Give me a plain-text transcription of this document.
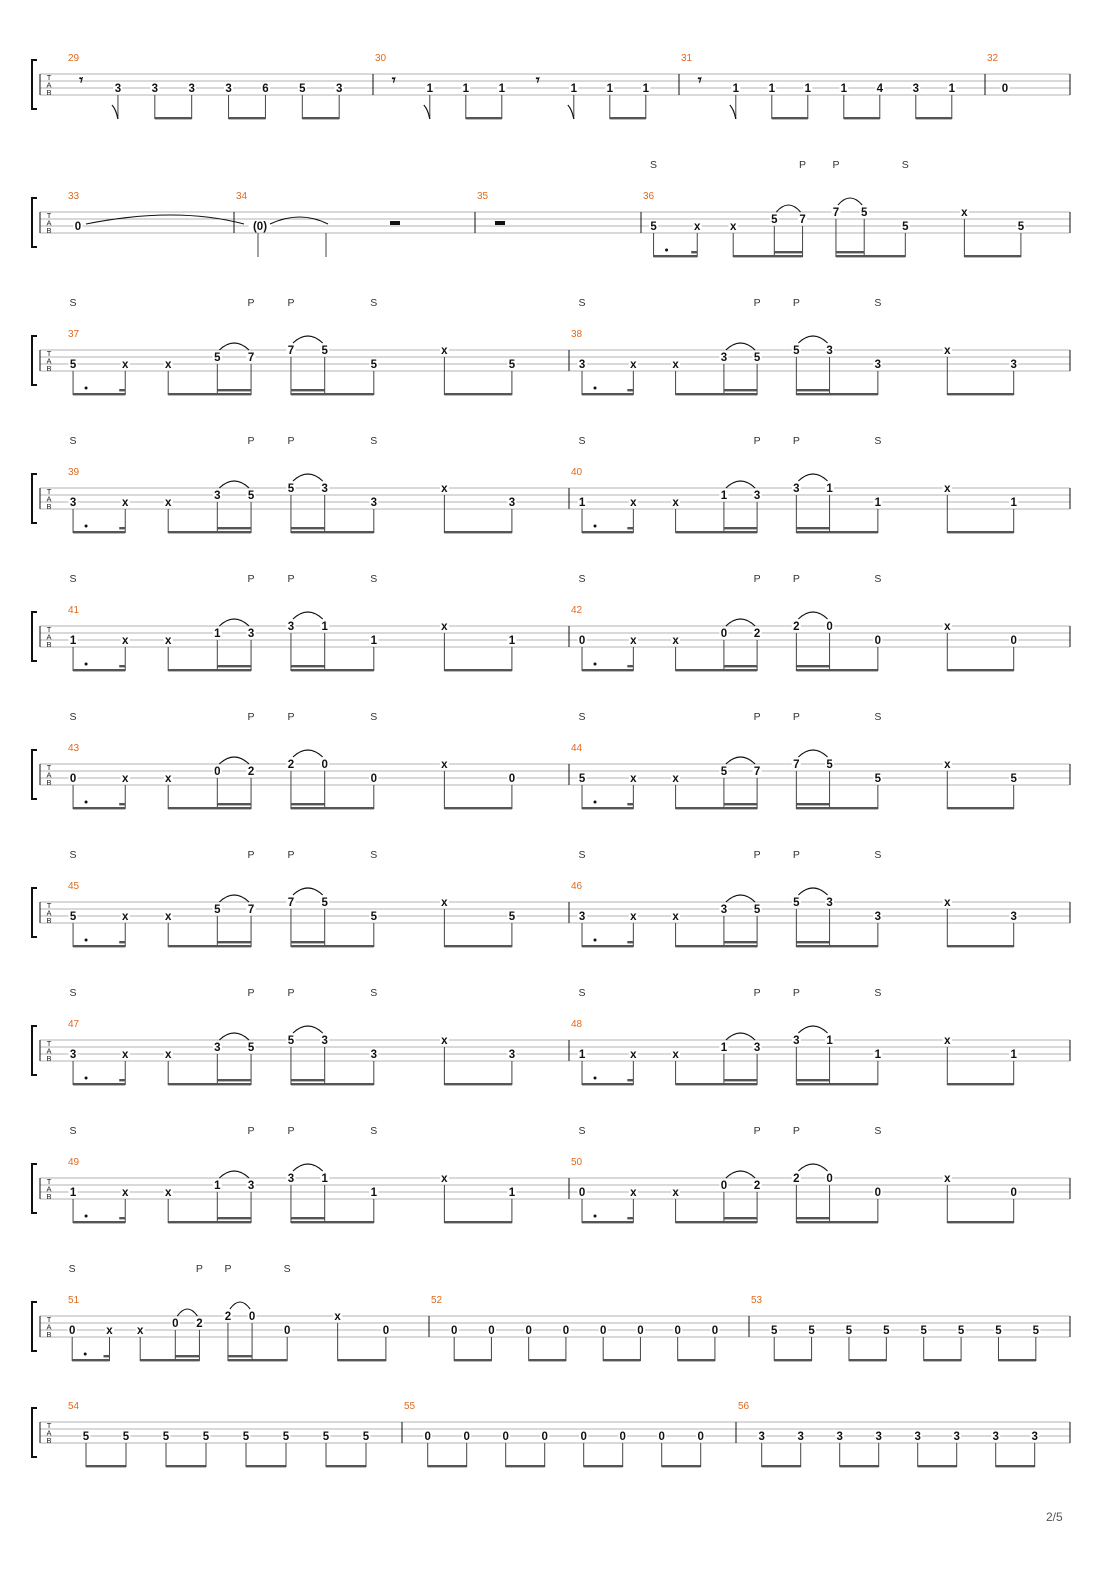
T
A
B
29
𝄾	3	3	3	3	6	5	3
30
𝄾	1	1	1 𝄾	1	1	1
31
𝄾	1	1	1	1	4	3	1
32
0
T
A
B
33
0
34
(0)
35	36
S	P	P	S
5	x	x
5 7
7 5
5
x
5
T
A
B
37
S	P	P	S
5	x	x
5 7
7 5
5
x
5
38
S	P	P	S
3	x	x
3 5
5 3
3
x
3
T
A
B
39
S	P	P	S
3	x	x
3 5
5 3
3
x
3
40
S	P	P	S
1	x	x
1 3
3 1
1
x
1
T
A
B
41
S	P	P	S
1	x	x
1 3
3 1
1
x
1
42
S	P	P	S
0	x	x
0 2
2 0
0
x
0
T
A
B
43
S	P	P	S
0	x	x
0 2
2 0
0
x
0
44
S	P	P	S
5	x	x
5 7
7 5
5
x
5
T
A
B
45
S	P	P	S
5	x	x
5 7
7 5
5
x
5
46
S	P	P	S
3	x	x
3 5
5 3
3
x
3
T
A
B
47
S	P	P	S
3	x	x
3 5
5 3
3
x
3
48
S	P	P	S
1	x	x
1 3
3 1
1
x
1
T
A
B
49
S	P	P	S
1	x	x
1 3
3 1
1
x
1
50
S	P	P	S
0	x	x
0 2
2 0
0
x
0
T
A
B
51
S	P P	S
0	x x
0 2
2 0
0
x
0
52
0	0	0	0	0	0	0	0
53
5	5	5	5	5	5	5	5
T
A
B
54
5	5	5	5	5	5	5	5
55
0	0	0	0	0	0	0	0
56
3	3	3	3	3	3	3	3
2/5
